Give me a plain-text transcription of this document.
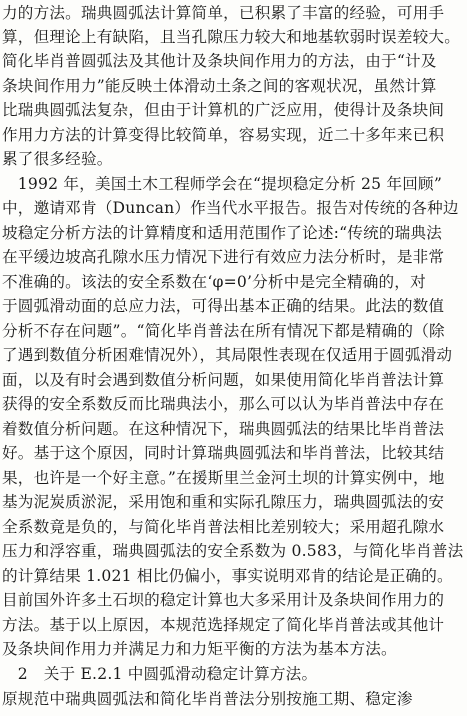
力的方法。瑞典圆弧法计算简单，已积累了丰富的经验，可用手
算，但理论上有缺陷，且当孔隙压力较大和地基软弱时误差较大。
简化毕肖普圆弧法及其他计及条块间作用力的方法，由于“计及
条块间作用力”能反映土体滑动土条之间的客观状况，虽然计算
比瑞典圆弧法复杂，但由于计算机的广泛应用，使得计及条块间
作用力方法的计算变得比较简单，容易实现，近二十多年来已积
累了很多经验。
　1992 年，美国土木工程师学会在“提坝稳定分析 25 年回顾”
中，邀请邓肯（Duncan）作当代水平报告。报告对传统的各种边
坡稳定分析方法的计算精度和适用范围作了论述:“传统的瑞典法
在平缓边坡高孔隙水压力情况下进行有效应力法分析时，是非常
不准确的。该法的安全系数在‘φ=0’分析中是完全精确的，对
于圆弧滑动面的总应力法，可得出基本正确的结果。此法的数值
分析不存在问题”。“简化毕肖普法在所有情况下都是精确的（除
了遇到数值分析困难情况外），其局限性表现在仅适用于圆弧滑动
面，以及有时会遇到数值分析问题，如果使用简化毕肖普法计算
获得的安全系数反而比瑞典法小，那么可以认为毕肖普法中存在
着数值分析问题。在这种情况下，瑞典圆弧法的结果比毕肖普法
好。基于这个原因，同时计算瑞典圆弧法和毕肖普法，比较其结
果，也许是一个好主意。”在援斯里兰金河土坝的计算实例中，地
基为泥炭质淤泥，采用饱和重和实际孔隙压力，瑞典圆弧法的安
全系数竟是负的，与简化毕肖普法相比差别较大；采用超孔隙水
压力和浮容重，瑞典圆弧法的安全系数为 0.583，与简化毕肖普法
的计算结果 1.021 相比仍偏小，事实说明邓肯的结论是正确的。
目前国外许多土石坝的稳定计算也大多采用计及条块间作用力的
方法。基于以上原因，本规范选择规定了简化毕肖普法或其他计
及条块间作用力并满足力和力矩平衡的方法为基本方法。
　2　关于 E.2.1 中圆弧滑动稳定计算方法。
原规范中瑞典圆弧法和简化毕肖普法分别按施工期、稳定渗
